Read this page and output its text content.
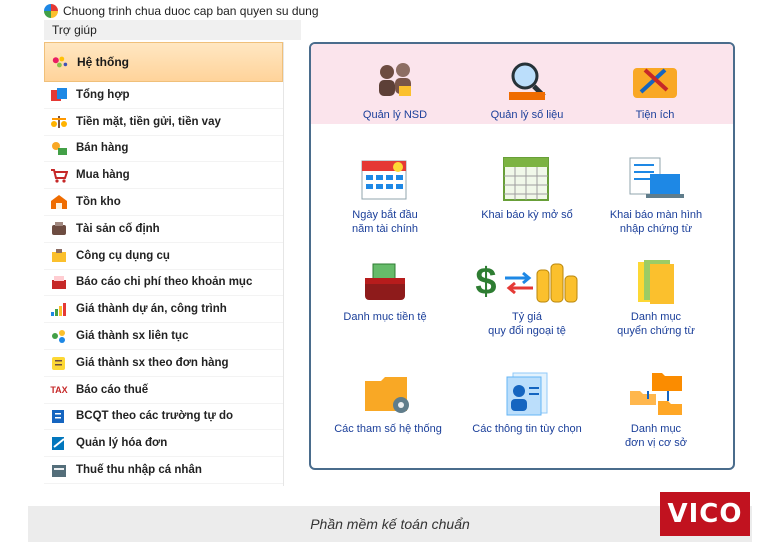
Chuong trinh chua duoc cap ban quyen su dung
Trợ giúp
Hệ thống
Tổng hợp
Tiền mặt, tiền gửi, tiền vay
Bán hàng
Mua hàng
Tồn kho
Tài sản cố định
Công cụ dụng cụ
Báo cáo chi phí theo khoản mục
Giá thành dự án, công trình
Giá thành sx liên tục
Giá thành sx theo đơn hàng
TAX Báo cáo thuế
BCQT theo các trường tự do
Quản lý hóa đơn
Thuế thu nhập cá nhân
Quản lý NSD	Quản lý số liệu	Tiện ích
Ngày bắt đầu
năm tài chính
Khai báo kỳ mở sổ	Khai báo màn hình
nhập chứng từ
Danh mục tiền tệ
$
Tỷ giá
quy đổi ngoại tệ
Danh mục
quyển chứng từ
Các tham số hệ thống	Các thông tin tùy chọn	Danh mục
đơn vị cơ sở
Phần mềm kế toán chuẩn	VICO
